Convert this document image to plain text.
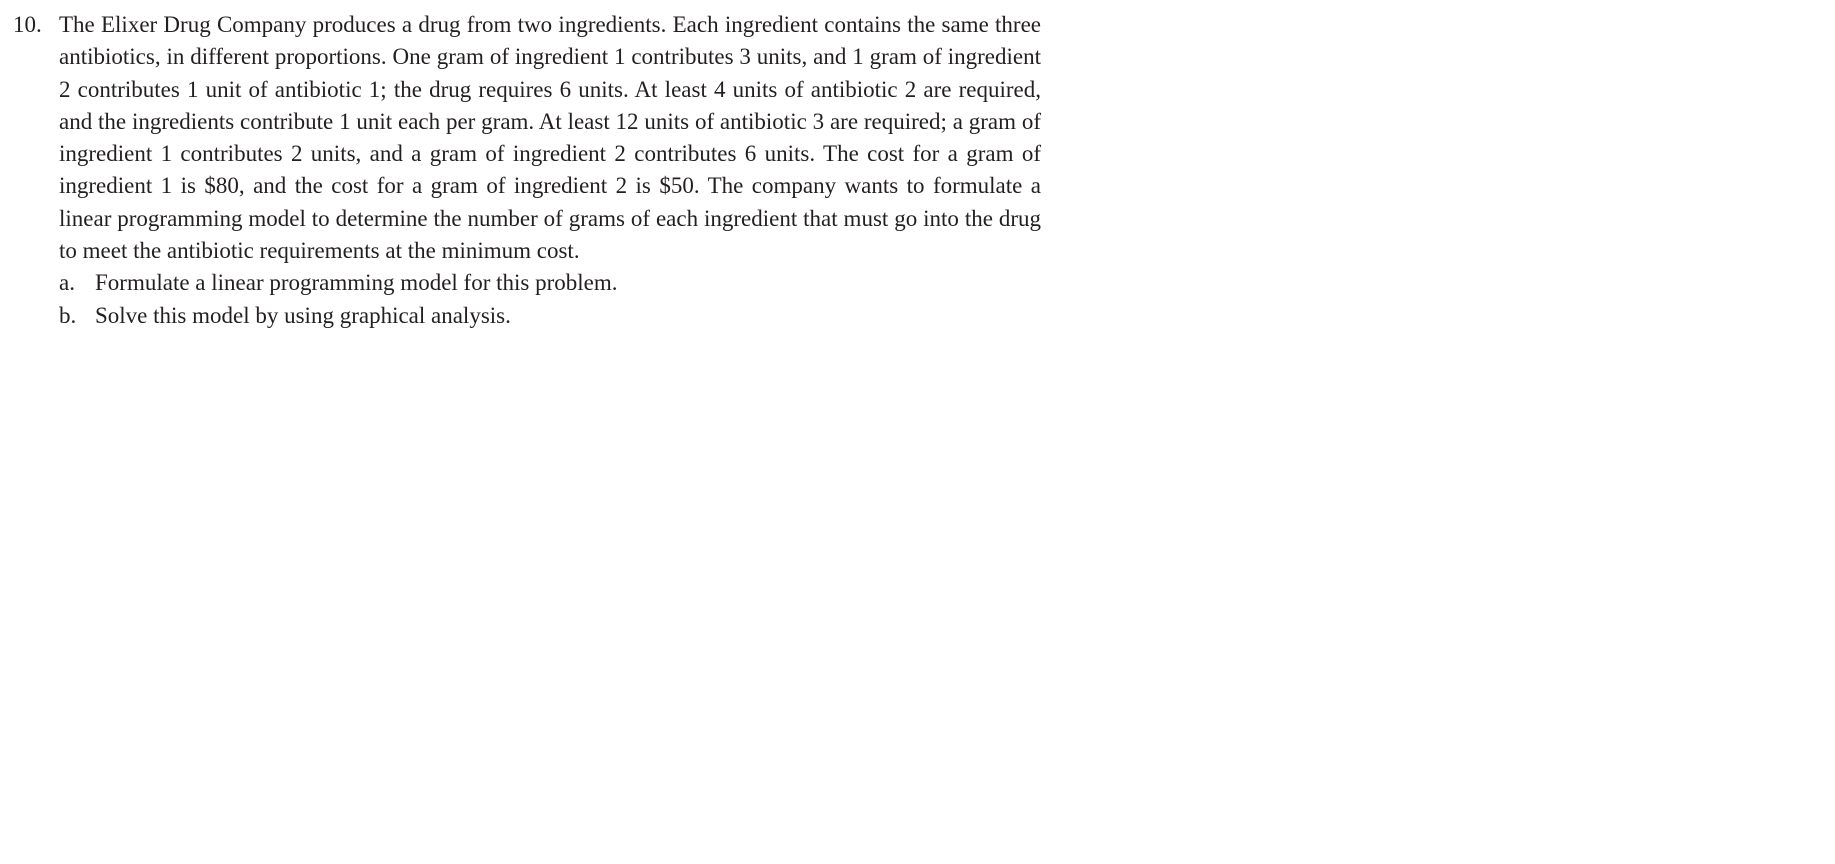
10. The Elixer Drug Company produces a drug from two ingredients. Each ingredient contains the same three antibiotics, in different proportions. One gram of ingredient 1 contributes 3 units, and 1 gram of ingredient 2 contributes 1 unit of antibiotic 1; the drug requires 6 units. At least 4 units of antibiotic 2 are required, and the ingredients contribute 1 unit each per gram. At least 12 units of antibiotic 3 are required; a gram of ingredient 1 contributes 2 units, and a gram of ingredient 2 contributes 6 units. The cost for a gram of ingredient 1 is $80, and the cost for a gram of ingredient 2 is $50. The company wants to formulate a linear programming model to determine the number of grams of each ingredient that must go into the drug to meet the antibiotic requirements at the minimum cost.

a. Formulate a linear programming model for this problem.
b. Solve this model by using graphical analysis.
